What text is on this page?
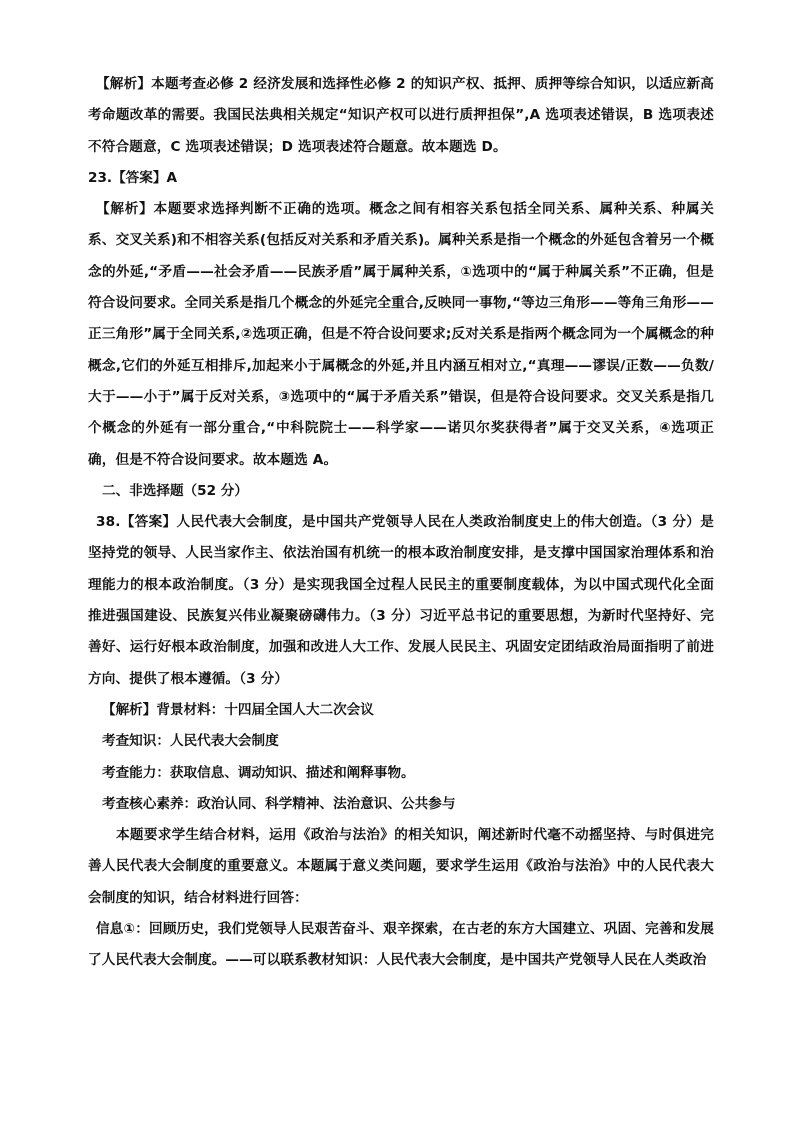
【解析】本题考查必修 2 经济发展和选择性必修 2 的知识产权、抵押、质押等综合知识，以适应新高考命题改革的需要。我国民法典相关规定“知识产权可以进行质押担保”,A 选项表述错误，B 选项表述不符合题意，C 选项表述错误；D 选项表述符合题意。故本题选 D。

23.【答案】A

【解析】本题要求选择判断不正确的选项。概念之间有相容关系包括全同关系、属种关系、种属关系、交叉关系)和不相容关系(包括反对关系和矛盾关系)。属种关系是指一个概念的外延包含着另一个概念的外延,“矛盾——社会矛盾——民族矛盾”属于属种关系，①选项中的“属于种属关系”不正确，但是符合设问要求。全同关系是指几个概念的外延完全重合,反映同一事物,“等边三角形——等角三角形——正三角形”属于全同关系,②选项正确，但是不符合设问要求;反对关系是指两个概念同为一个属概念的种概念,它们的外延互相排斥,加起来小于属概念的外延,并且内涵互相对立,“真理——谬误/正数——负数/大于——小于”属于反对关系，③选项中的“属于矛盾关系”错误，但是符合设问要求。交叉关系是指几个概念的外延有一部分重合,“中科院院士——科学家——诺贝尔奖获得者”属于交叉关系，④选项正确，但是不符合设问要求。故本题选 A。

二、非选择题（52 分）

38.【答案】人民代表大会制度，是中国共产党领导人民在人类政治制度史上的伟大创造。（3 分）是坚持党的领导、人民当家作主、依法治国有机统一的根本政治制度安排，是支撑中国国家治理体系和治理能力的根本政治制度。（3 分）是实现我国全过程人民民主的重要制度载体，为以中国式现代化全面推进强国建设、民族复兴伟业凝聚磅礴伟力。（3 分）习近平总书记的重要思想，为新时代坚持好、完善好、运行好根本政治制度，加强和改进人大工作、发展人民民主、巩固安定团结政治局面指明了前进方向、提供了根本遵循。（3 分）

【解析】背景材料：十四届全国人大二次会议

考查知识：人民代表大会制度

考查能力：获取信息、调动知识、描述和阐释事物。

考查核心素养：政治认同、科学精神、法治意识、公共参与

本题要求学生结合材料，运用《政治与法治》的相关知识，阐述新时代毫不动摇坚持、与时俱进完善人民代表大会制度的重要意义。本题属于意义类问题，要求学生运用《政治与法治》中的人民代表大会制度的知识，结合材料进行回答：

信息①：回顾历史，我们党领导人民艰苦奋斗、艰辛探索，在古老的东方大国建立、巩固、完善和发展了人民代表大会制度。——可以联系教材知识：人民代表大会制度，是中国共产党领导人民在人类政治
